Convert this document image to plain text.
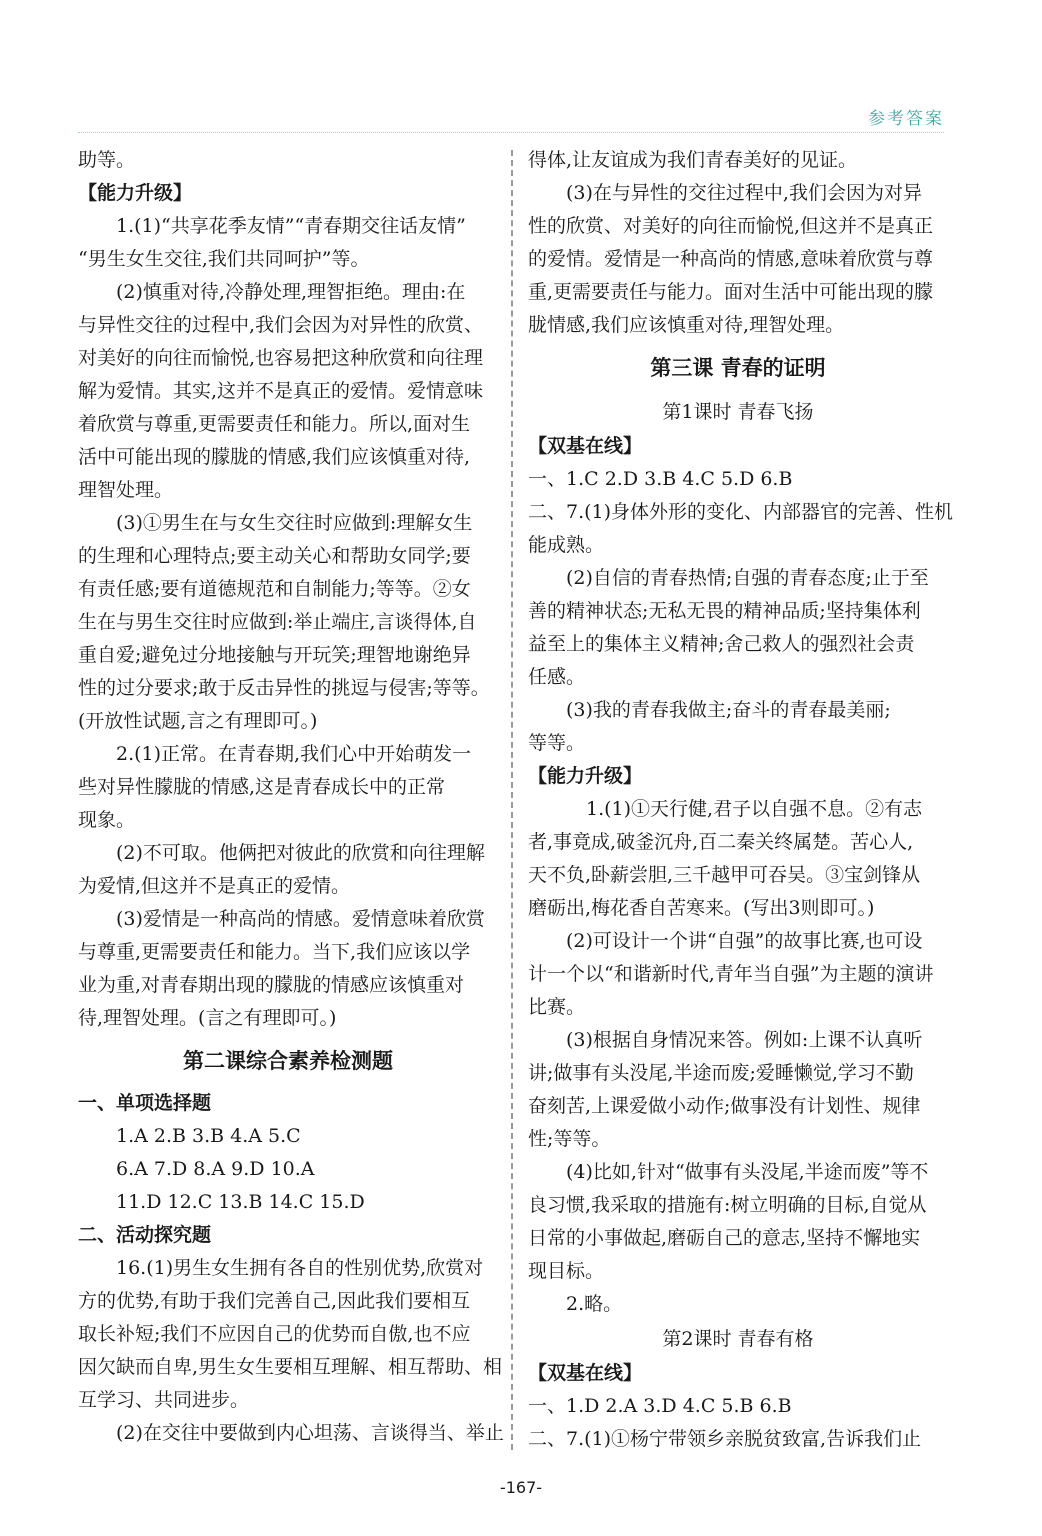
参考答案
助等。
【能力升级】
1.(1)“共享花季友情”“青春期交往话友情”
“男生女生交往,我们共同呵护”等。
(2)慎重对待,冷静处理,理智拒绝。理由:在
与异性交往的过程中,我们会因为对异性的欣赏、
对美好的向往而愉悦,也容易把这种欣赏和向往理
解为爱情。其实,这并不是真正的爱情。爱情意味
着欣赏与尊重,更需要责任和能力。所以,面对生
活中可能出现的朦胧的情感,我们应该慎重对待,
理智处理。
(3)①男生在与女生交往时应做到:理解女生
的生理和心理特点;要主动关心和帮助女同学;要
有责任感;要有道德规范和自制能力;等等。②女
生在与男生交往时应做到:举止端庄,言谈得体,自
重自爱;避免过分地接触与开玩笑;理智地谢绝异
性的过分要求;敢于反击异性的挑逗与侵害;等等。
(开放性试题,言之有理即可。)
2.(1)正常。在青春期,我们心中开始萌发一
些对异性朦胧的情感,这是青春成长中的正常
现象。
(2)不可取。他俩把对彼此的欣赏和向往理解
为爱情,但这并不是真正的爱情。
(3)爱情是一种高尚的情感。爱情意味着欣赏
与尊重,更需要责任和能力。当下,我们应该以学
业为重,对青春期出现的朦胧的情感应该慎重对
待,理智处理。(言之有理即可。)
第二课综合素养检测题
一、单项选择题
1.A 2.B 3.B 4.A 5.C
6.A 7.D 8.A 9.D 10.A
11.D 12.C 13.B 14.C 15.D
二、活动探究题
16.(1)男生女生拥有各自的性别优势,欣赏对
方的优势,有助于我们完善自己,因此我们要相互
取长补短;我们不应因自己的优势而自傲,也不应
因欠缺而自卑,男生女生要相互理解、相互帮助、相
互学习、共同进步。
(2)在交往中要做到内心坦荡、言谈得当、举止
得体,让友谊成为我们青春美好的见证。
(3)在与异性的交往过程中,我们会因为对异
性的欣赏、对美好的向往而愉悦,但这并不是真正
的爱情。爱情是一种高尚的情感,意味着欣赏与尊
重,更需要责任与能力。面对生活中可能出现的朦
胧情感,我们应该慎重对待,理智处理。
第三课 青春的证明
第1课时 青春飞扬
【双基在线】
一、1.C 2.D 3.B 4.C 5.D 6.B
二、7.(1)身体外形的变化、内部器官的完善、性机
能成熟。
(2)自信的青春热情;自强的青春态度;止于至
善的精神状态;无私无畏的精神品质;坚持集体利
益至上的集体主义精神;舍己救人的强烈社会责
任感。
(3)我的青春我做主;奋斗的青春最美丽;
等等。
【能力升级】
1.(1)①天行健,君子以自强不息。②有志
者,事竟成,破釜沉舟,百二秦关终属楚。苦心人,
天不负,卧薪尝胆,三千越甲可吞吴。③宝剑锋从
磨砺出,梅花香自苦寒来。(写出3则即可。)
(2)可设计一个讲“自强”的故事比赛,也可设
计一个以“和谐新时代,青年当自强”为主题的演讲
比赛。
(3)根据自身情况来答。例如:上课不认真听
讲;做事有头没尾,半途而废;爱睡懒觉,学习不勤
奋刻苦,上课爱做小动作;做事没有计划性、规律
性;等等。
(4)比如,针对“做事有头没尾,半途而废”等不
良习惯,我采取的措施有:树立明确的目标,自觉从
日常的小事做起,磨砺自己的意志,坚持不懈地实
现目标。
2.略。
第2课时 青春有格
【双基在线】
一、1.D 2.A 3.D 4.C 5.B 6.B
二、7.(1)①杨宁带领乡亲脱贫致富,告诉我们止
-167-
